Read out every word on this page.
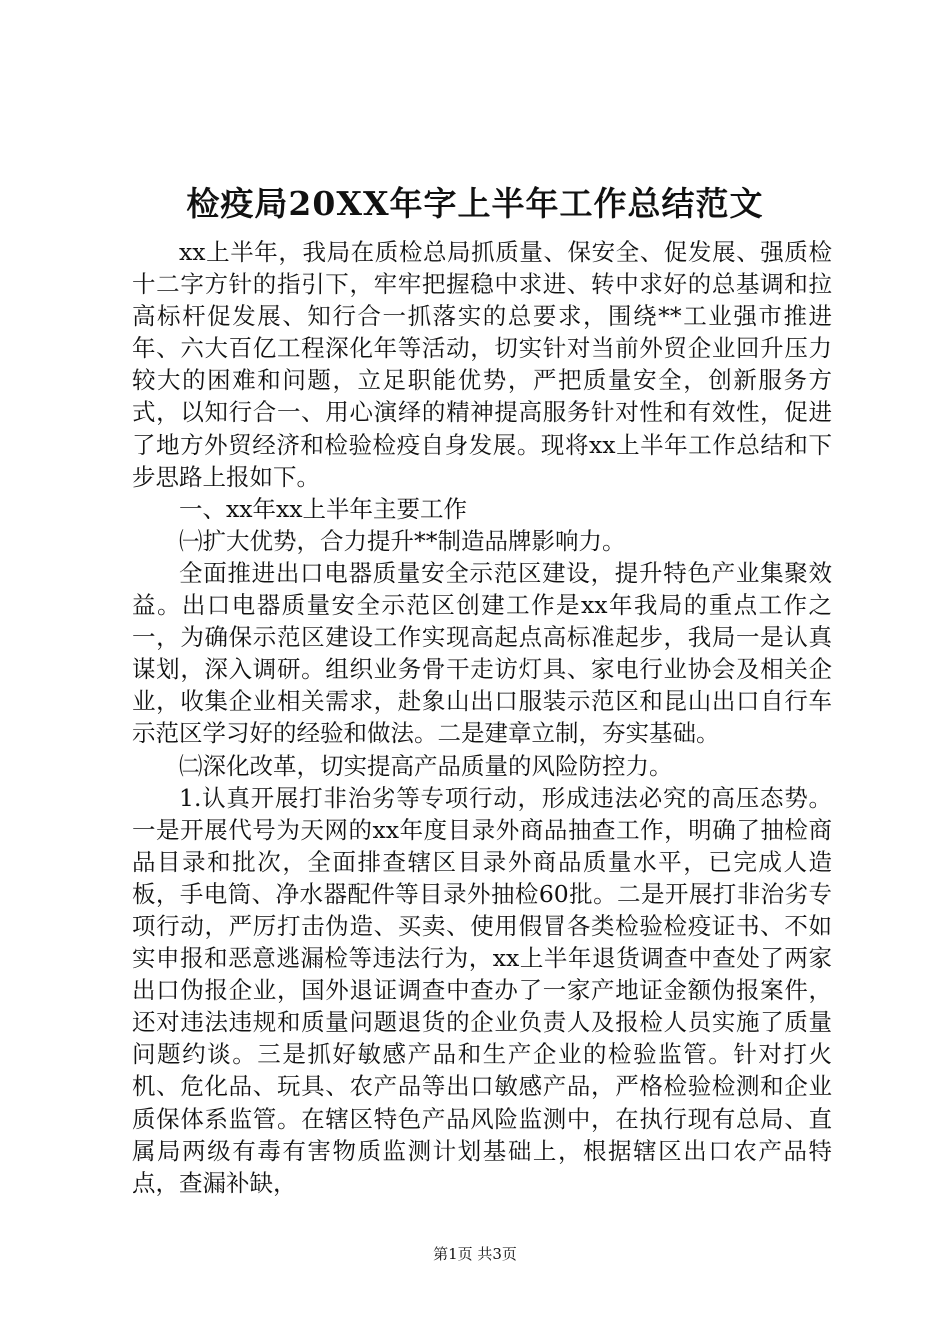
检疫局20XX年字上半年工作总结范文

xx上半年，我局在质检总局抓质量、保安全、促发展、强质检十二字方针的指引下，牢牢把握稳中求进、转中求好的总基调和拉高标杆促发展、知行合一抓落实的总要求，围绕**工业强市推进年、六大百亿工程深化年等活动，切实针对当前外贸企业回升压力较大的困难和问题，立足职能优势，严把质量安全，创新服务方式，以知行合一、用心演绎的精神提高服务针对性和有效性，促进了地方外贸经济和检验检疫自身发展。现将xx上半年工作总结和下步思路上报如下。

一、xx年xx上半年主要工作

㈠扩大优势，合力提升**制造品牌影响力。

全面推进出口电器质量安全示范区建设，提升特色产业集聚效益。出口电器质量安全示范区创建工作是xx年我局的重点工作之一，为确保示范区建设工作实现高起点高标准起步，我局一是认真谋划，深入调研。组织业务骨干走访灯具、家电行业协会及相关企业，收集企业相关需求，赴象山出口服装示范区和昆山出口自行车示范区学习好的经验和做法。二是建章立制，夯实基础。

㈡深化改革，切实提高产品质量的风险防控力。

1.认真开展打非治劣等专项行动，形成违法必究的高压态势。一是开展代号为天网的xx年度目录外商品抽查工作，明确了抽检商品目录和批次，全面排查辖区目录外商品质量水平，已完成人造板，手电筒、净水器配件等目录外抽检60批。二是开展打非治劣专项行动，严厉打击伪造、买卖、使用假冒各类检验检疫证书、不如实申报和恶意逃漏检等违法行为，xx上半年退货调查中查处了两家出口伪报企业，国外退证调查中查办了一家产地证金额伪报案件，还对违法违规和质量问题退货的企业负责人及报检人员实施了质量问题约谈。三是抓好敏感产品和生产企业的检验监管。针对打火机、危化品、玩具、农产品等出口敏感产品，严格检验检测和企业质保体系监管。在辖区特色产品风险监测中，在执行现有总局、直属局两级有毒有害物质监测计划基础上，根据辖区出口农产品特点，查漏补缺，

第1页 共3页
